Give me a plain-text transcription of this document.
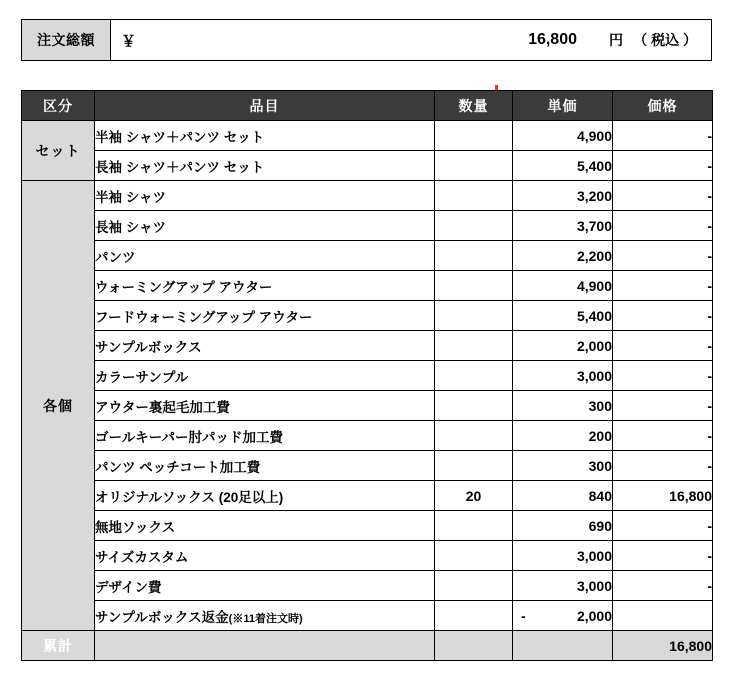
注文総額	￥	16,800 円 （ 税込 ）
区分	品目	数量	単価	価格
セット	半袖 シャツ＋パンツ セット		4,900	-
	長袖 シャツ＋パンツ セット		5,400	-
各個	半袖 シャツ		3,200	-
	長袖 シャツ		3,700	-
	パンツ		2,200	-
	ウォーミングアップ アウター		4,900	-
	フードウォーミングアップ アウター		5,400	-
	サンプルボックス		2,000	-
	カラーサンプル		3,000	-
	アウター裏起毛加工費		300	-
	ゴールキーパー肘パッド加工費		200	-
	パンツ ペッチコート加工費		300	-
	オリジナルソックス (20足以上)	20	840	16,800
	無地ソックス		690	-
	サイズカスタム		3,000	-
	デザイン費		3,000	-
	サンプルボックス返金(※11着注文時)		- 2,000	
累計				16,800
